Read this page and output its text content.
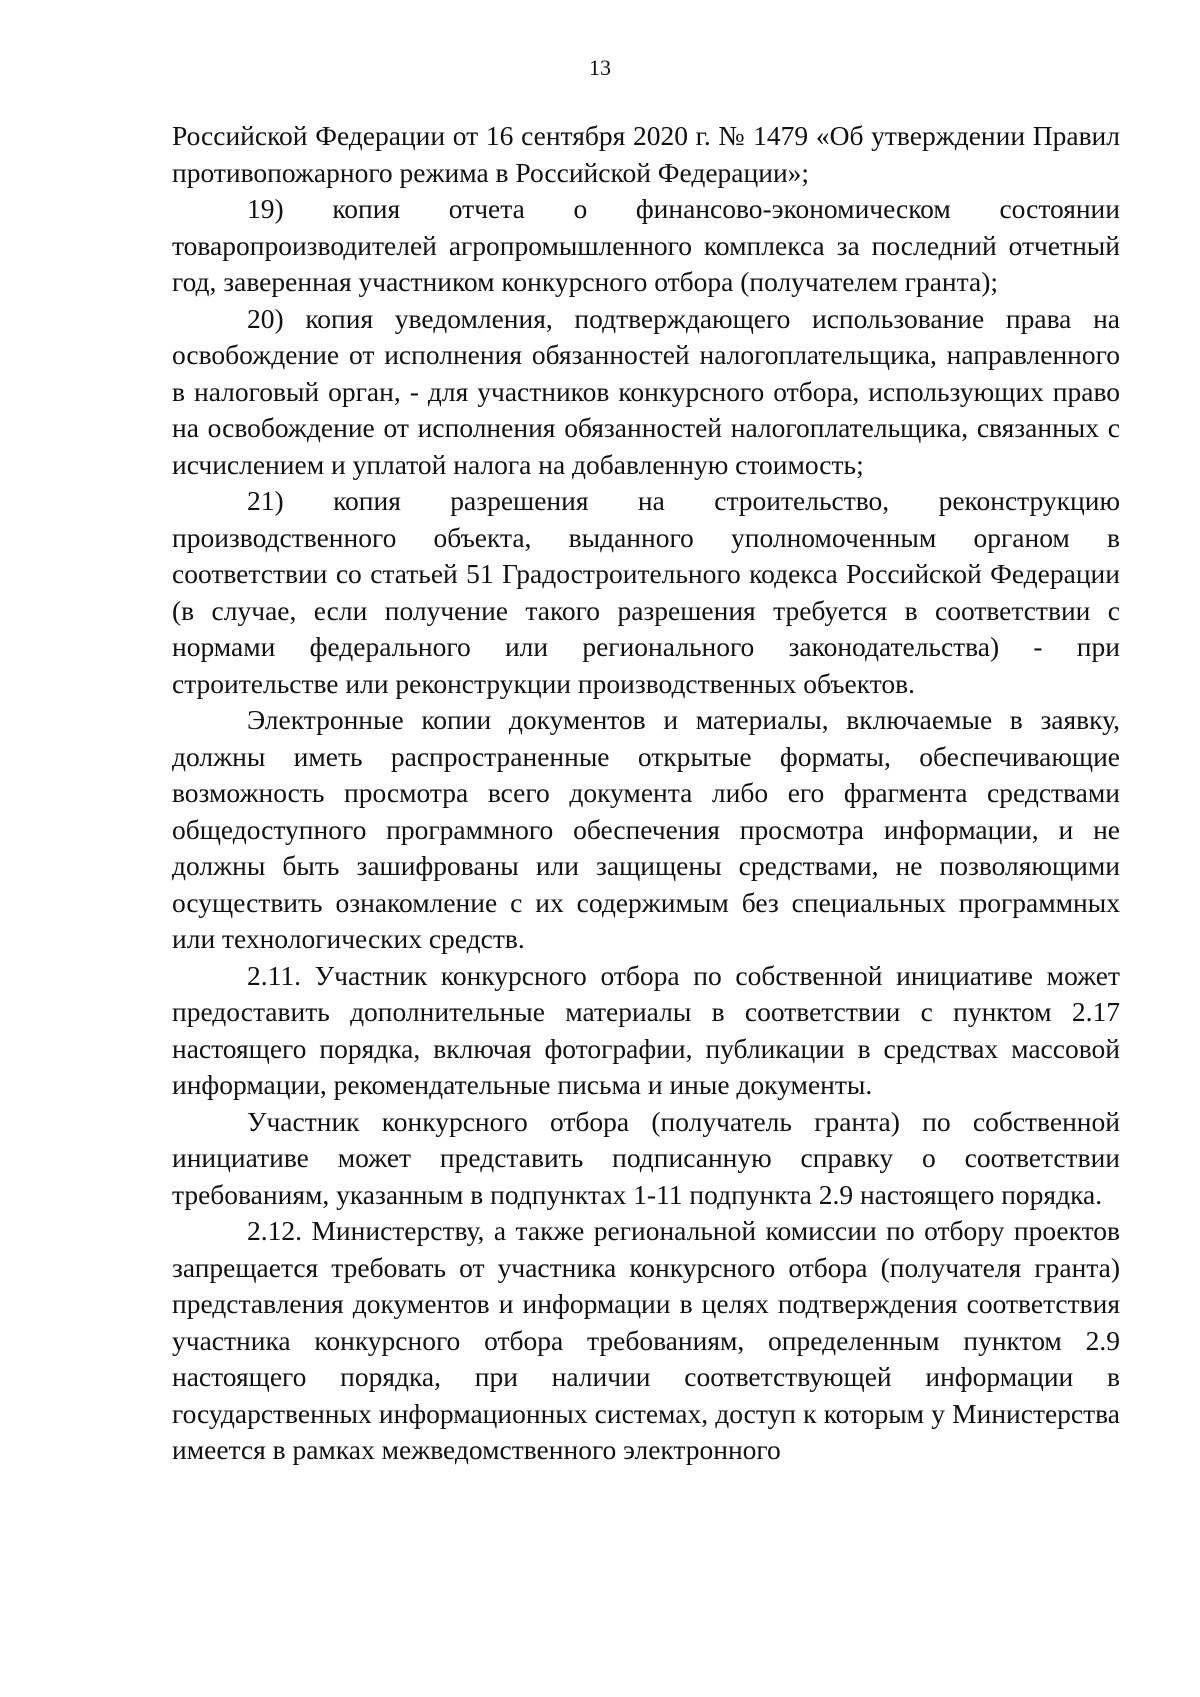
13

Российской Федерации от 16 сентября 2020 г. № 1479 «Об утверждении Правил противопожарного режима в Российской Федерации»;

19) копия отчета о финансово-экономическом состоянии товаропроизводителей агропромышленного комплекса за последний отчетный год, заверенная участником конкурсного отбора (получателем гранта);

20) копия уведомления, подтверждающего использование права на освобождение от исполнения обязанностей налогоплательщика, направленного в налоговый орган, - для участников конкурсного отбора, использующих право на освобождение от исполнения обязанностей налогоплательщика, связанных с исчислением и уплатой налога на добавленную стоимость;

21) копия разрешения на строительство, реконструкцию производственного объекта, выданного уполномоченным органом в соответствии со статьей 51 Градостроительного кодекса Российской Федерации (в случае, если получение такого разрешения требуется в соответствии с нормами федерального или регионального законодательства) - при строительстве или реконструкции производственных объектов.

Электронные копии документов и материалы, включаемые в заявку, должны иметь распространенные открытые форматы, обеспечивающие возможность просмотра всего документа либо его фрагмента средствами общедоступного программного обеспечения просмотра информации, и не должны быть зашифрованы или защищены средствами, не позволяющими осуществить ознакомление с их содержимым без специальных программных или технологических средств.

2.11. Участник конкурсного отбора по собственной инициативе может предоставить дополнительные материалы в соответствии с пунктом 2.17 настоящего порядка, включая фотографии, публикации в средствах массовой информации, рекомендательные письма и иные документы.

Участник конкурсного отбора (получатель гранта) по собственной инициативе может представить подписанную справку о соответствии требованиям, указанным в подпунктах 1-11 подпункта 2.9 настоящего порядка.

2.12. Министерству, а также региональной комиссии по отбору проектов запрещается требовать от участника конкурсного отбора (получателя гранта) представления документов и информации в целях подтверждения соответствия участника конкурсного отбора требованиям, определенным пунктом 2.9 настоящего порядка, при наличии соответствующей информации в государственных информационных системах, доступ к которым у Министерства имеется в рамках межведомственного электронного
